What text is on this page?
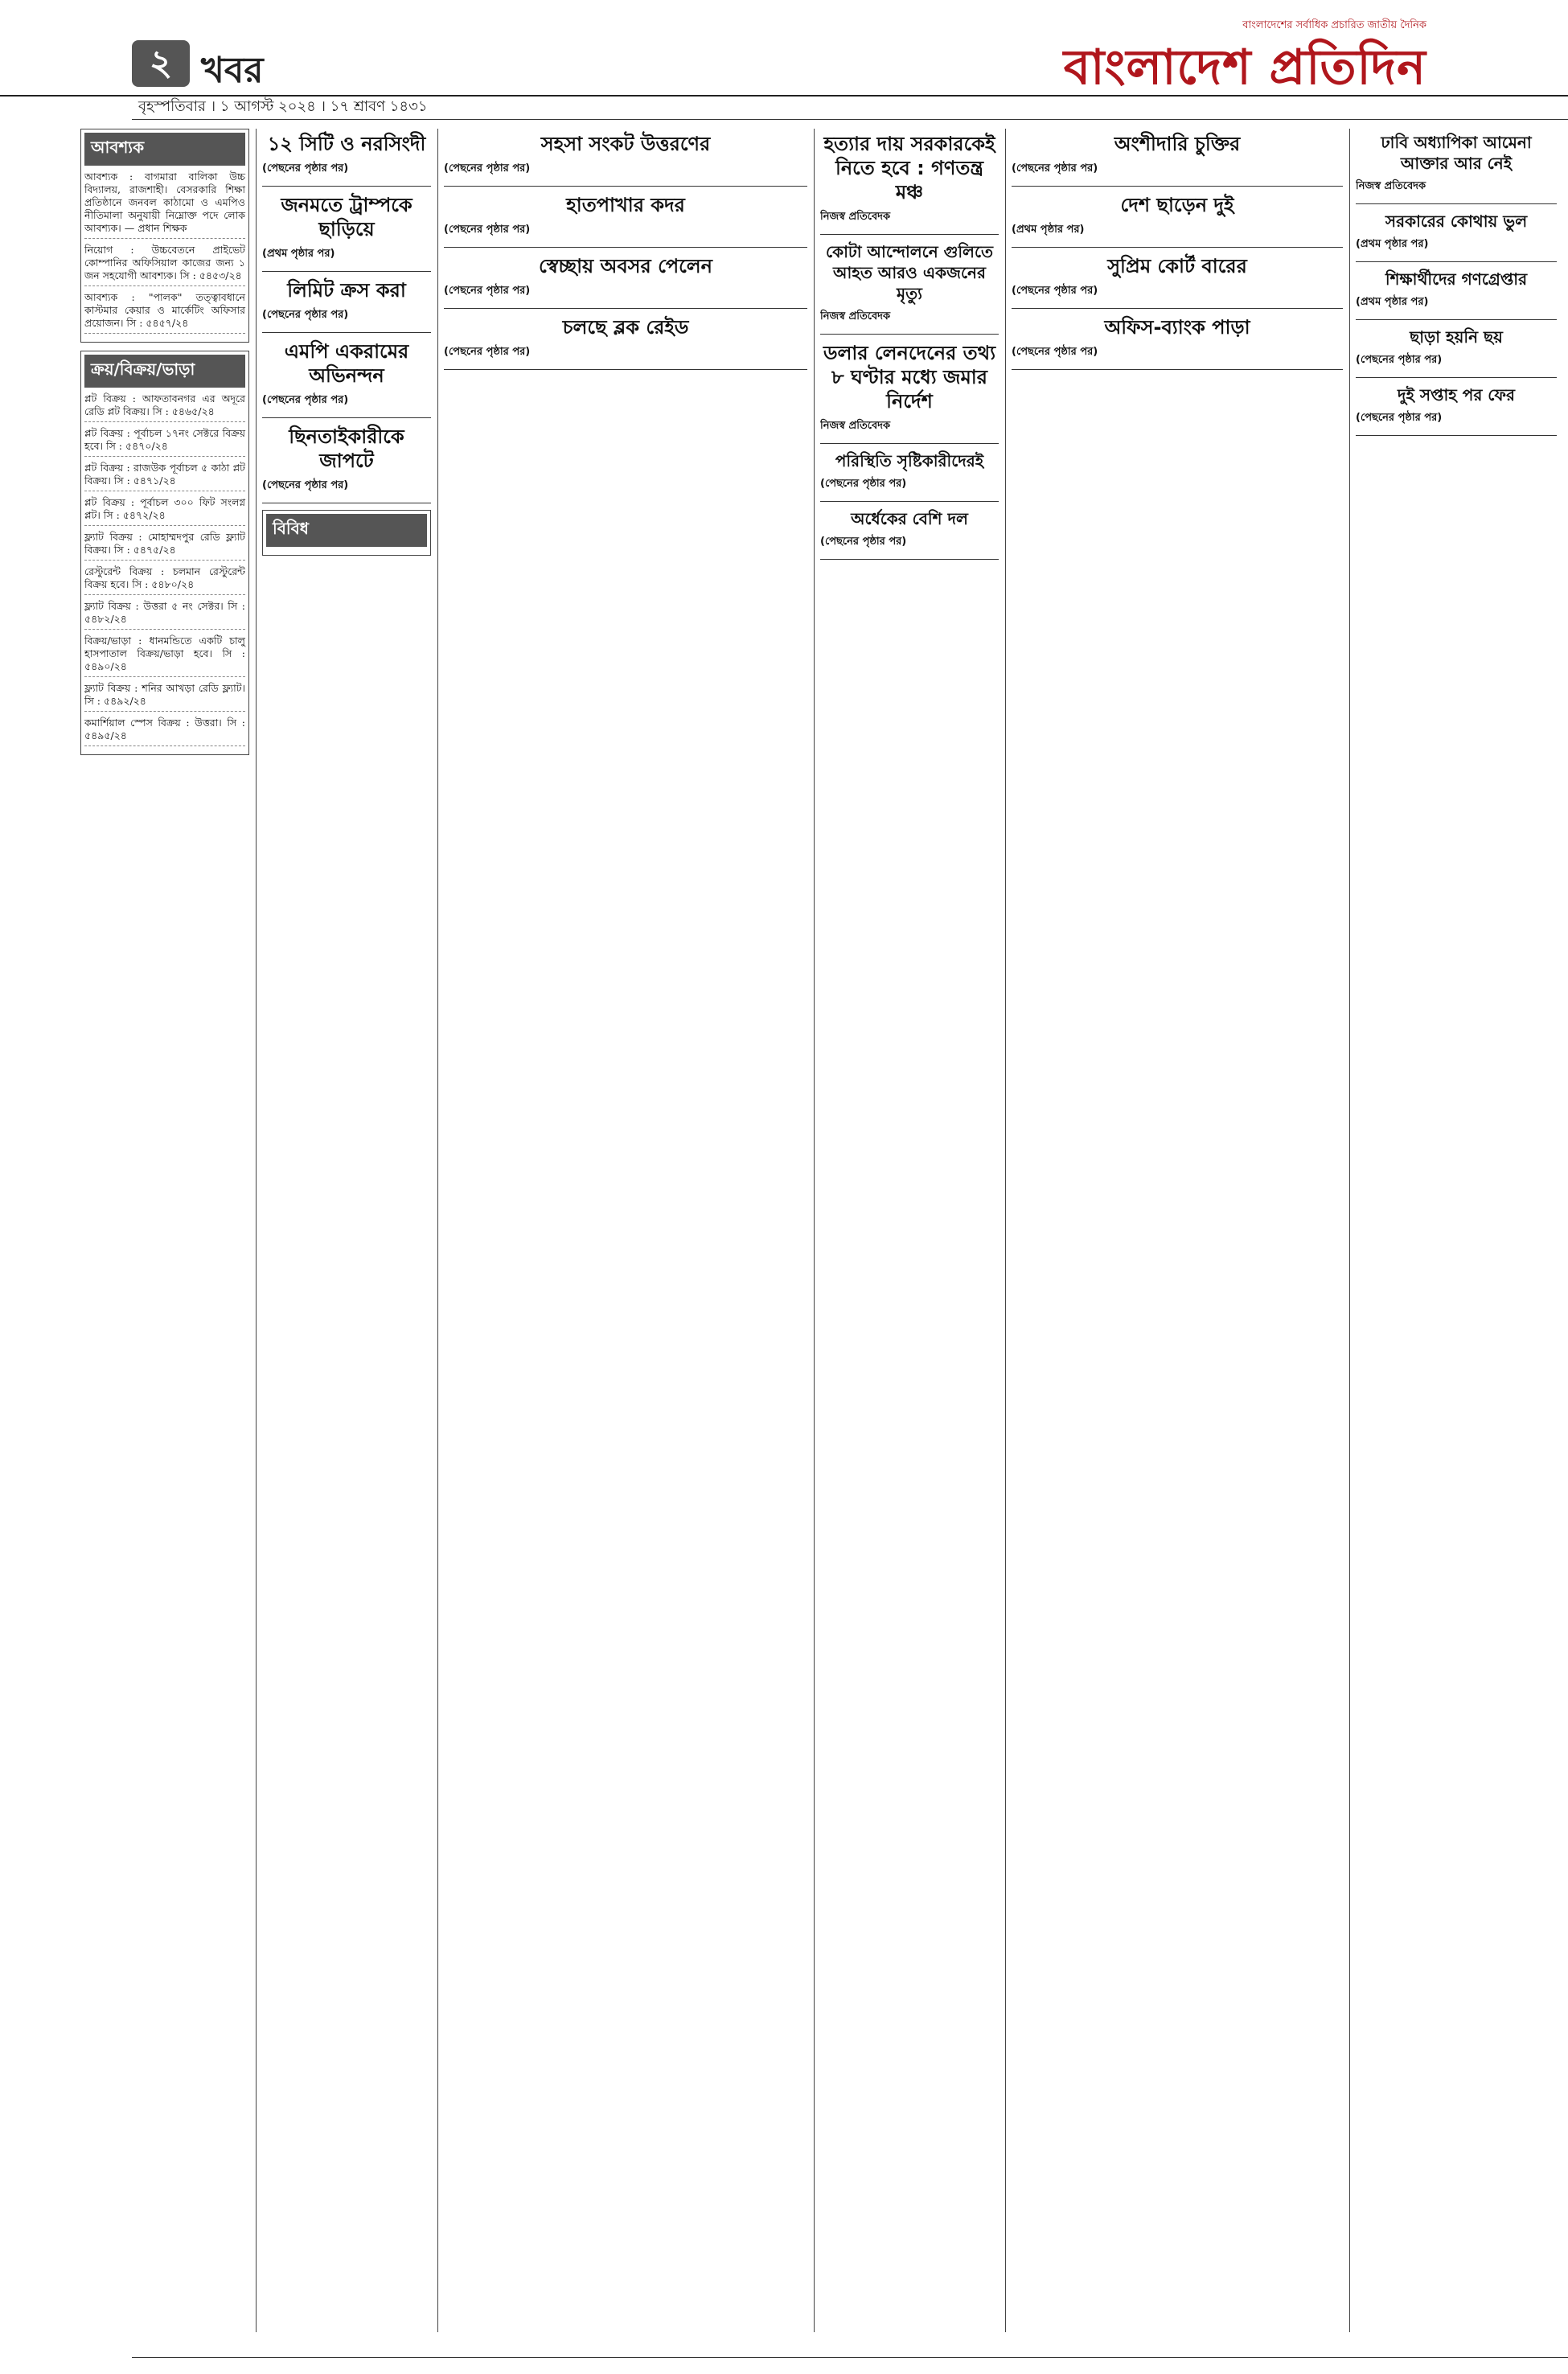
২ খবর
বাংলাদেশের সর্বাধিক প্রচারিত জাতীয় দৈনিক
বাংলাদেশ প্রতিদিন
বৃহস্পতিবার । ১ আগস্ট ২০২৪ । ১৭ শ্রাবণ ১৪৩১
আবশ্যক
আবশ্যক : বাগমারা বালিকা উচ্চ বিদ্যালয়, রাজশাহী। বেসরকারি শিক্ষা প্রতিষ্ঠানে জনবল কাঠামো ও এমপিও নীতিমালা অনুযায়ী নিম্নোক্ত পদে লোক আবশ্যক। — প্রধান শিক্ষক
নিয়োগ : উচ্চবেতনে প্রাইভেট কোম্পানির অফিসিয়াল কাজের জন্য ১ জন সহযোগী আবশ্যক। সি : ৫৪৫৩/২৪
আবশ্যক : "পালক" তত্ত্বাবধানে কাস্টমার কেয়ার ও মার্কেটিং অফিসার প্রয়োজন। সি : ৫৪৫৭/২৪
ক্রয়/বিক্রয়/ভাড়া
প্লট বিক্রয় : আফতাবনগর এর অদূরে রেডি প্লট বিক্রয়। সি : ৫৪৬৫/২৪
প্লট বিক্রয় : পূর্বাচল ১৭নং সেক্টরে বিক্রয় হবে। সি : ৫৪৭০/২৪
প্লট বিক্রয় : রাজউক পূর্বাচল ৫ কাঠা প্লট বিক্রয়। সি : ৫৪৭১/২৪
প্লট বিক্রয় : পূর্বাচল ৩০০ ফিট সংলগ্ন প্লট। সি : ৫৪৭২/২৪
ফ্ল্যাট বিক্রয় : মোহাম্মদপুর রেডি ফ্ল্যাট বিক্রয়। সি : ৫৪৭৫/২৪
রেস্টুরেন্ট বিক্রয় : চলমান রেস্টুরেন্ট বিক্রয় হবে। সি : ৫৪৮০/২৪
ফ্ল্যাট বিক্রয় : উত্তরা ৫ নং সেক্টর। সি : ৫৪৮২/২৪
বিক্রয়/ভাড়া : ধানমন্ডিতে একটি চালু হাসপাতাল বিক্রয়/ভাড়া হবে। সি : ৫৪৯০/২৪
ফ্ল্যাট বিক্রয় : শনির আখড়া রেডি ফ্ল্যাট। সি : ৫৪৯২/২৪
কমার্শিয়াল স্পেস বিক্রয় : উত্তরা। সি : ৫৪৯৫/২৪
১২ সিটি ও নরসিংদী

(পেছনের পৃষ্ঠার পর)

জনমতে ট্রাম্পকে ছাড়িয়ে

(প্রথম পৃষ্ঠার পর)

লিমিট ক্রস করা

(পেছনের পৃষ্ঠার পর)

এমপি একরামের অভিনন্দন

(পেছনের পৃষ্ঠার পর)

ছিনতাইকারীকে জাপটে

(পেছনের পৃষ্ঠার পর)

বিবিধ
সহসা সংকট উত্তরণের

(পেছনের পৃষ্ঠার পর)

হাতপাখার কদর

(পেছনের পৃষ্ঠার পর)

স্বেচ্ছায় অবসর পেলেন

(পেছনের পৃষ্ঠার পর)

চলছে ব্লক রেইড

(পেছনের পৃষ্ঠার পর)

হত্যার দায় সরকারকেই নিতে হবে : গণতন্ত্র মঞ্চ

নিজস্ব প্রতিবেদক

কোটা আন্দোলনে গুলিতে আহত আরও একজনের মৃত্যু

নিজস্ব প্রতিবেদক

ডলার লেনদেনের তথ্য ৮ ঘণ্টার মধ্যে জমার নির্দেশ

নিজস্ব প্রতিবেদক

পরিস্থিতি সৃষ্টিকারীদেরই

(পেছনের পৃষ্ঠার পর)

অর্ধেকের বেশি দল

(পেছনের পৃষ্ঠার পর)

অংশীদারি চুক্তির

(পেছনের পৃষ্ঠার পর)

দেশ ছাড়েন দুই

(প্রথম পৃষ্ঠার পর)

সুপ্রিম কোর্ট বারের

(পেছনের পৃষ্ঠার পর)

অফিস-ব্যাংক পাড়া

(পেছনের পৃষ্ঠার পর)

ঢাবি অধ্যাপিকা আমেনা আক্তার আর নেই

নিজস্ব প্রতিবেদক

সরকারের কোথায় ভুল

(প্রথম পৃষ্ঠার পর)

শিক্ষার্থীদের গণগ্রেপ্তার

(প্রথম পৃষ্ঠার পর)

ছাড়া হয়নি ছয়

(পেছনের পৃষ্ঠার পর)

দুই সপ্তাহ পর ফের

(পেছনের পৃষ্ঠার পর)
